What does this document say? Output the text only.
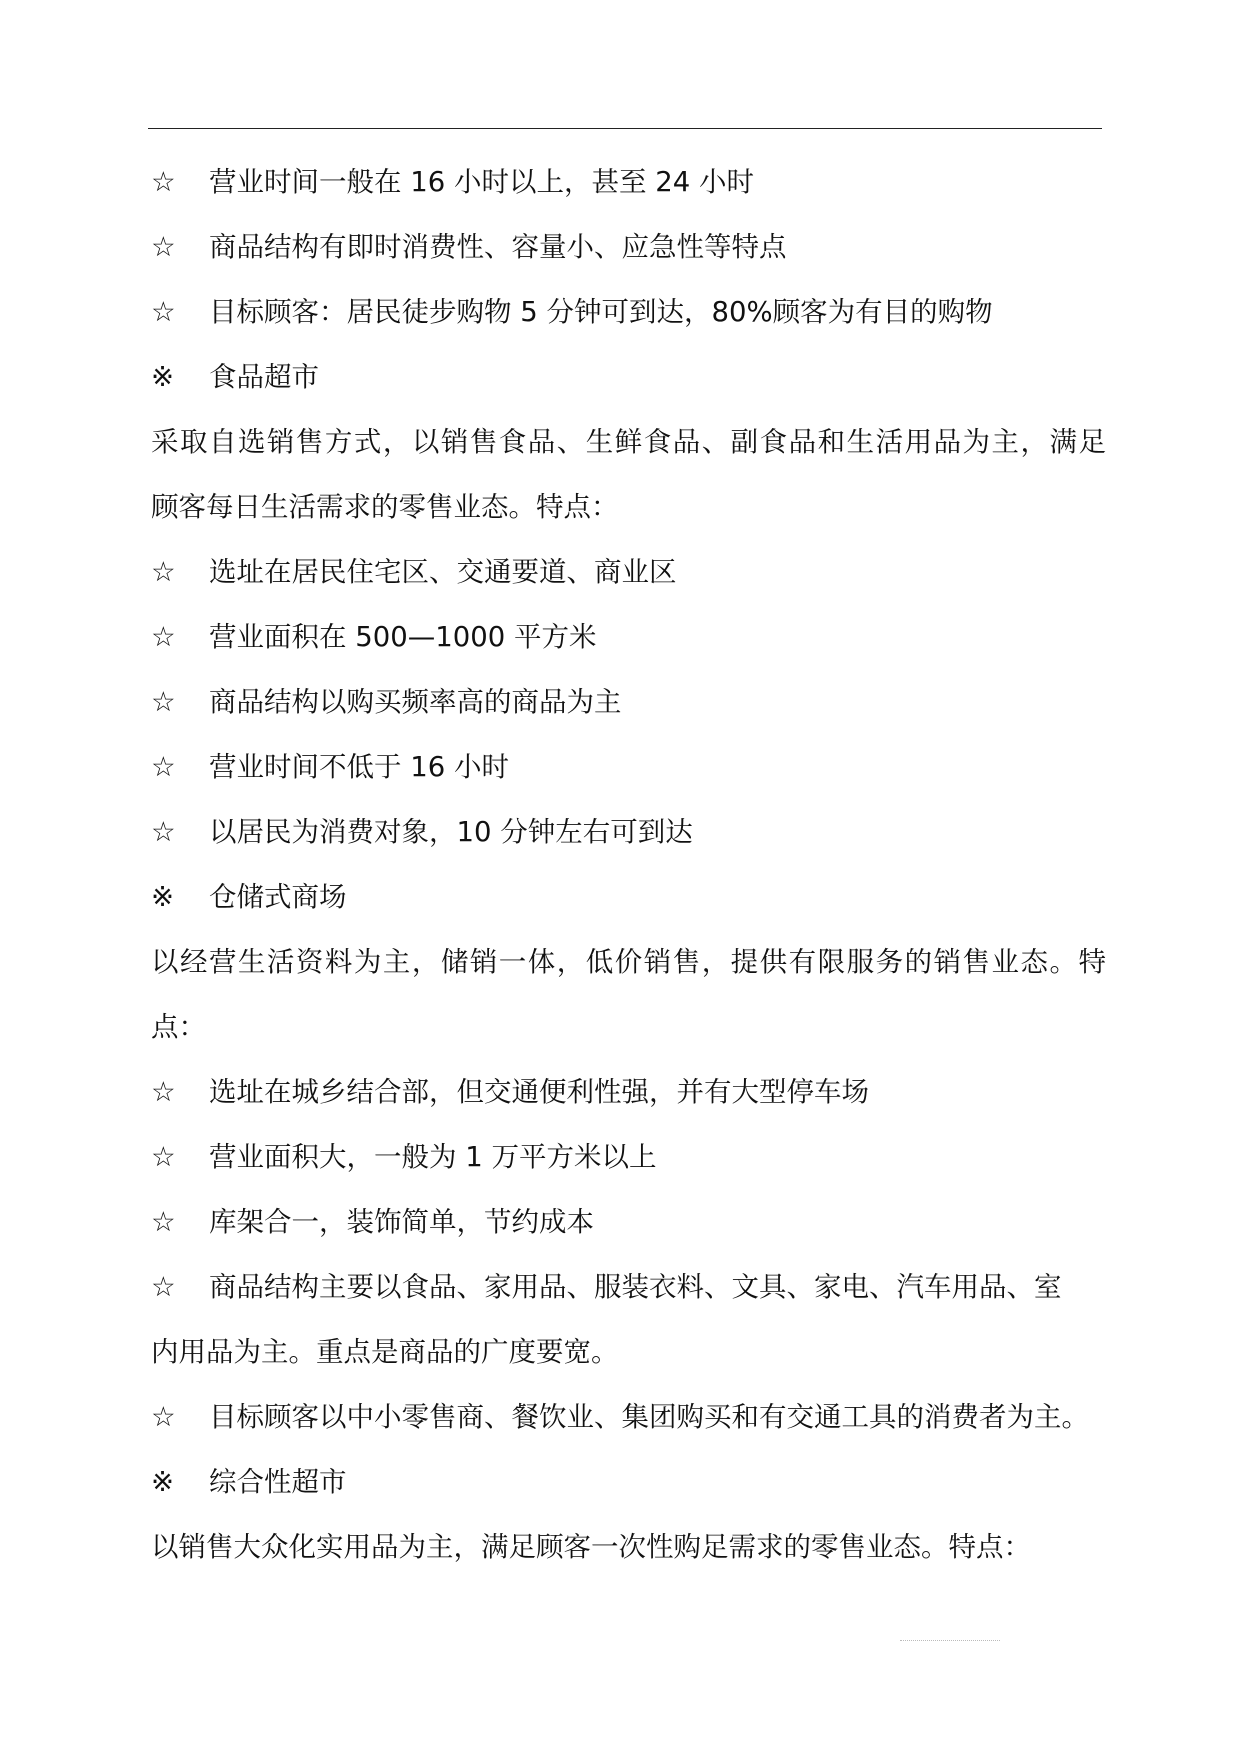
☆ 营业时间一般在 16 小时以上，甚至 24 小时
☆ 商品结构有即时消费性、容量小、应急性等特点
☆ 目标顾客：居民徒步购物 5 分钟可到达，80%顾客为有目的购物
※ 食品超市
采取自选销售方式，以销售食品、生鲜食品、副食品和生活用品为主，满足
顾客每日生活需求的零售业态。特点：
☆ 选址在居民住宅区、交通要道、商业区
☆ 营业面积在 500—1000 平方米
☆ 商品结构以购买频率高的商品为主
☆ 营业时间不低于 16 小时
☆ 以居民为消费对象，10 分钟左右可到达
※ 仓储式商场
以经营生活资料为主，储销一体，低价销售，提供有限服务的销售业态。特
点：
☆ 选址在城乡结合部，但交通便利性强，并有大型停车场
☆ 营业面积大，一般为 1 万平方米以上
☆ 库架合一，装饰简单，节约成本
☆ 商品结构主要以食品、家用品、服装衣料、文具、家电、汽车用品、室
内用品为主。重点是商品的广度要宽。
☆ 目标顾客以中小零售商、餐饮业、集团购买和有交通工具的消费者为主。
※ 综合性超市
以销售大众化实用品为主，满足顾客一次性购足需求的零售业态。特点：
